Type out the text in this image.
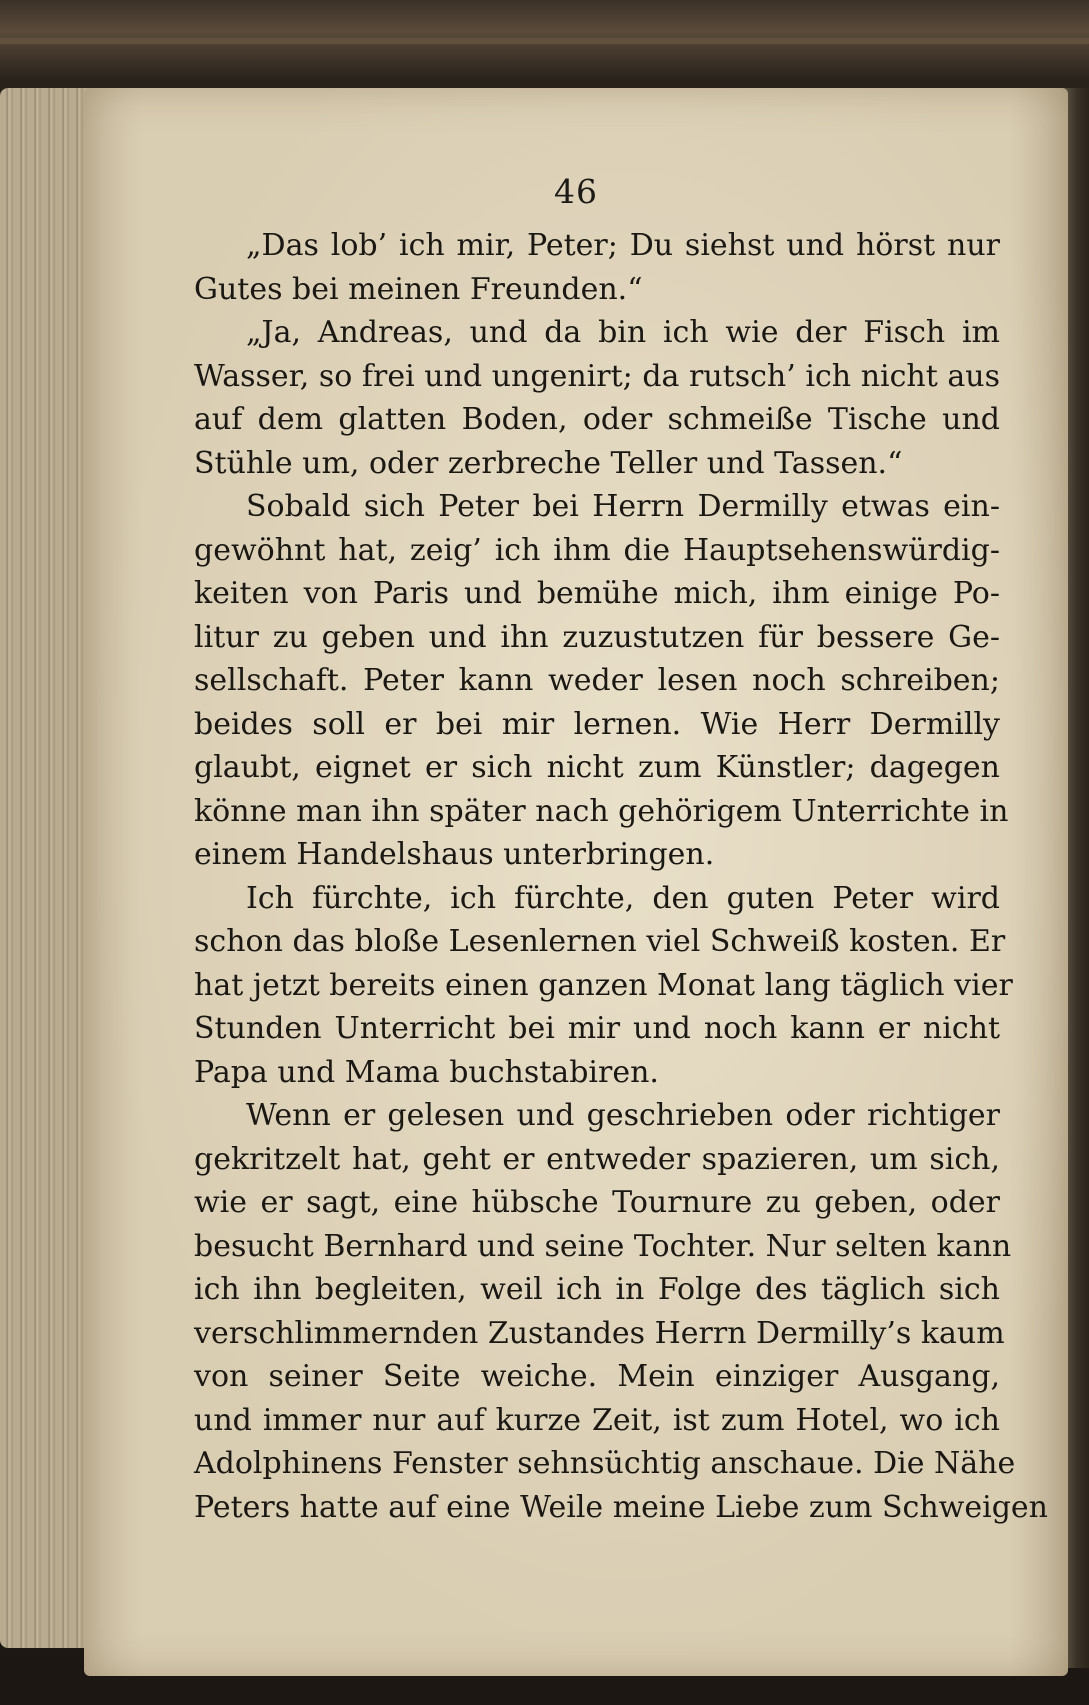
46
„Das lob’ ich mir, Peter; Du siehst und hörst nur
Gutes bei meinen Freunden.“
„Ja, Andreas, und da bin ich wie der Fisch im
Wasser, so frei und ungenirt; da rutsch’ ich nicht aus
auf dem glatten Boden, oder schmeiße Tische und
Stühle um, oder zerbreche Teller und Tassen.“
Sobald sich Peter bei Herrn Dermilly etwas ein-
gewöhnt hat, zeig’ ich ihm die Hauptsehenswürdig-
keiten von Paris und bemühe mich, ihm einige Po-
litur zu geben und ihn zuzustutzen für bessere Ge-
sellschaft. Peter kann weder lesen noch schreiben;
beides soll er bei mir lernen. Wie Herr Dermilly
glaubt, eignet er sich nicht zum Künstler; dagegen
könne man ihn später nach gehörigem Unterrichte in
einem Handelshaus unterbringen.
Ich fürchte, ich fürchte, den guten Peter wird
schon das bloße Lesenlernen viel Schweiß kosten. Er
hat jetzt bereits einen ganzen Monat lang täglich vier
Stunden Unterricht bei mir und noch kann er nicht
Papa und Mama buchstabiren.
Wenn er gelesen und geschrieben oder richtiger
gekritzelt hat, geht er entweder spazieren, um sich,
wie er sagt, eine hübsche Tournure zu geben, oder
besucht Bernhard und seine Tochter. Nur selten kann
ich ihn begleiten, weil ich in Folge des täglich sich
verschlimmernden Zustandes Herrn Dermilly’s kaum
von seiner Seite weiche. Mein einziger Ausgang,
und immer nur auf kurze Zeit, ist zum Hotel, wo ich
Adolphinens Fenster sehnsüchtig anschaue. Die Nähe
Peters hatte auf eine Weile meine Liebe zum Schweigen
